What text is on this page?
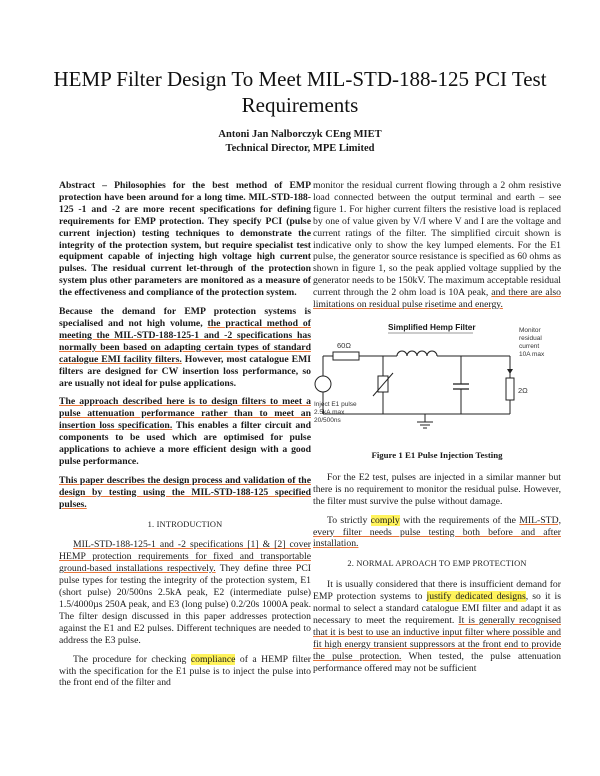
HEMP Filter Design To Meet MIL-STD-188-125 PCI Test Requirements
Antoni Jan Nalborczyk CEng MIET
Technical Director, MPE Limited

Abstract – Philosophies for the best method of EMP protection have been around for a long time. MIL-STD-188-125 -1 and -2 are more recent specifications for defining requirements for EMP protection. They specify PCI (pulse current injection) testing techniques to demonstrate the integrity of the protection system, but require specialist test equipment capable of injecting high voltage high current pulses. The residual current let-through of the protection system plus other parameters are monitored as a measure of the effectiveness and compliance of the protection system.

Because the demand for EMP protection systems is specialised and not high volume, the practical method of meeting the MIL-STD-188-125-1 and -2 specifications has normally been based on adapting certain types of standard catalogue EMI facility filters. However, most catalogue EMI filters are designed for CW insertion loss performance, so are usually not ideal for pulse applications.

The approach described here is to design filters to meet a pulse attenuation performance rather than to meet an insertion loss specification. This enables a filter circuit and components to be used which are optimised for pulse applications to achieve a more efficient design with a good pulse performance.

This paper describes the design process and validation of the design by testing using the MIL-STD-188-125 specified pulses.

1. INTRODUCTION

MIL-STD-188-125-1 and -2 specifications [1] & [2] cover HEMP protection requirements for fixed and transportable ground-based installations respectively. They define three PCI pulse types for testing the integrity of the protection system, E1 (short pulse) 20/500ns 2.5kA peak, E2 (intermediate pulse) 1.5/4000µs 250A peak, and E3 (long pulse) 0.2/20s 1000A peak. The filter design discussed in this paper addresses protection against the E1 and E2 pulses. Different techniques are needed to address the E3 pulse.

The procedure for checking compliance of a HEMP filter with the specification for the E1 pulse is to inject the pulse into the front end of the filter and

monitor the residual current flowing through a 2 ohm resistive load connected between the output terminal and earth – see figure 1. For higher current filters the resistive load is replaced by one of value given by V/I where V and I are the voltage and current ratings of the filter. The simplified circuit shown is indicative only to show the key lumped elements. For the E1 pulse, the generator source resistance is specified as 60 ohms as shown in figure 1, so the peak applied voltage supplied by the generator needs to be 150kV. The maximum acceptable residual current through the 2 ohm load is 10A peak, and there are also limitations on residual pulse risetime and energy.

Simplified Hemp Filter
60Ω
Inject E1 pulse
2.5kA max
20/500ns
2Ω
Monitor
residual
current
10A max

Figure 1 E1 Pulse Injection Testing

For the E2 test, pulses are injected in a similar manner but there is no requirement to monitor the residual pulse. However, the filter must survive the pulse without damage.

To strictly comply with the requirements of the MIL-STD, every filter needs pulse testing both before and after installation.

2. NORMAL APROACH TO EMP PROTECTION

It is usually considered that there is insufficient demand for EMP protection systems to justify dedicated designs, so it is normal to select a standard catalogue EMI filter and adapt it as necessary to meet the requirement. It is generally recognised that it is best to use an inductive input filter where possible and fit high energy transient suppressors at the front end to provide the pulse protection. When tested, the pulse attenuation performance offered may not be sufficient
